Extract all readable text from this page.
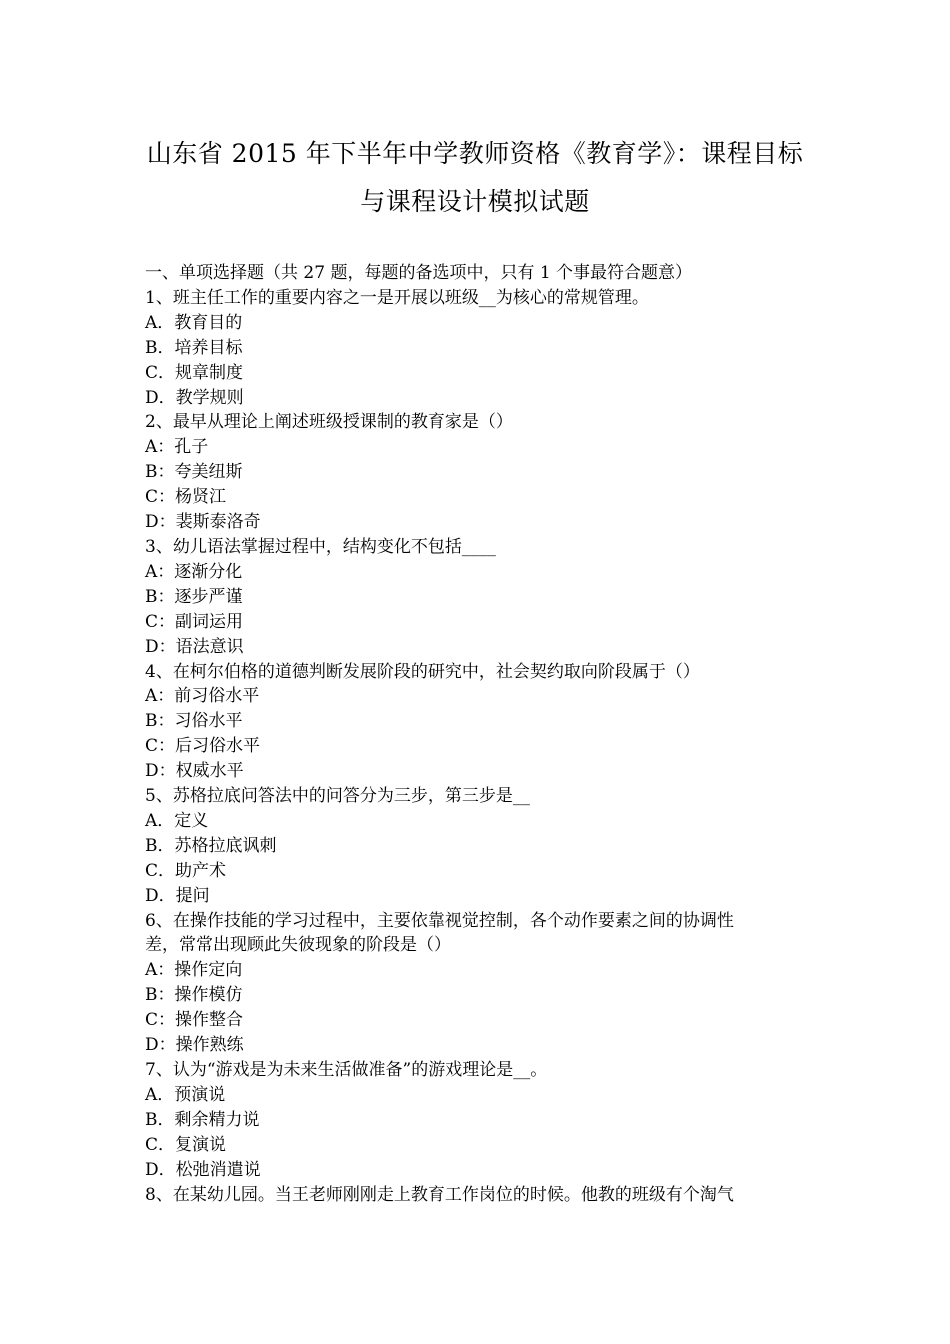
山东省 2015 年下半年中学教师资格《教育学》：课程目标
与课程设计模拟试题
一、单项选择题（共 27 题，每题的备选项中，只有 1 个事最符合题意）
1、班主任工作的重要内容之一是开展以班级__为核心的常规管理。
A．教育目的
B．培养目标
C．规章制度
D．教学规则
2、最早从理论上阐述班级授课制的教育家是（）
A：孔子
B：夸美纽斯
C：杨贤江
D：裴斯泰洛奇
3、幼儿语法掌握过程中，结构变化不包括____
A：逐渐分化
B：逐步严谨
C：副词运用
D：语法意识
4、在柯尔伯格的道德判断发展阶段的研究中，社会契约取向阶段属于（）
A：前习俗水平
B：习俗水平
C：后习俗水平
D：权威水平
5、苏格拉底问答法中的问答分为三步，第三步是__
A．定义
B．苏格拉底讽刺
C．助产术
D．提问
6、在操作技能的学习过程中，主要依靠视觉控制，各个动作要素之间的协调性
差，常常出现顾此失彼现象的阶段是（）
A：操作定向
B：操作模仿
C：操作整合
D：操作熟练
7、认为“游戏是为未来生活做准备”的游戏理论是__。
A．预演说
B．剩余精力说
C．复演说
D．松弛消遣说
8、在某幼儿园。当王老师刚刚走上教育工作岗位的时候。他教的班级有个淘气
